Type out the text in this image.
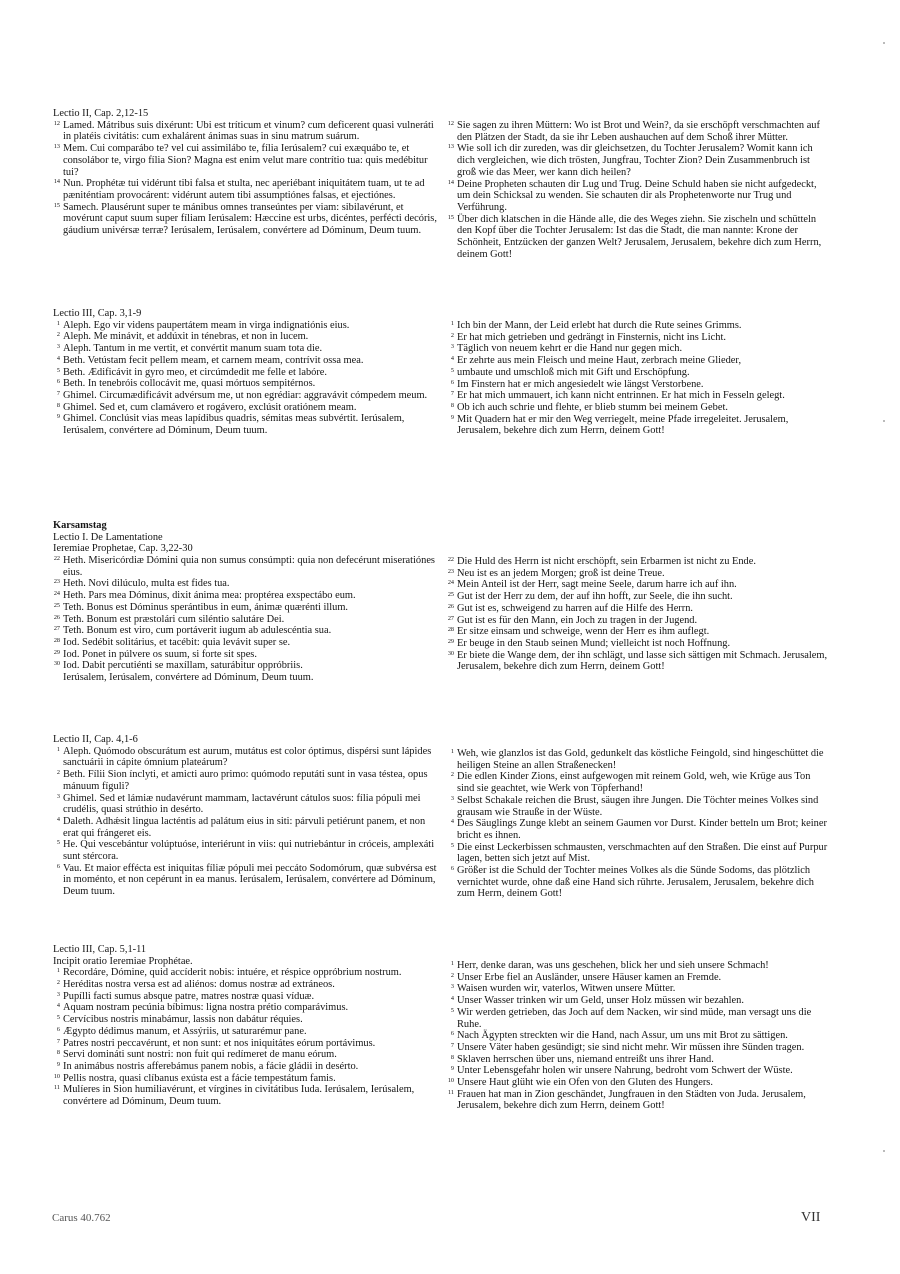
Lectio II, Cap. 2,12-15
12 Lamed. Mátribus suis dixérunt: Ubi est tríticum et vinum? cum deficerent quasi vulneráti in platéis civitátis: cum exhalárent ánimas suas in sinu matrum suárum.
13 Mem. Cui comparábo te? vel cui assimilábo te, fília Ierúsalem? cui exæquábo te, et consolábor te, virgo fília Sion? Magna est enim velut mare contrítio tua: quis medébitur tui?
14 Nun. Prophétæ tui vidérunt tibi falsa et stulta, nec aperiébant iniquitátem tuam, ut te ad pæniténtiam provocárent: vidérunt autem tibi assumptiónes falsas, et ejectiónes.
15 Samech. Plausérunt super te mánibus omnes transeúntes per viam: sibilavérunt, et movérunt caput suum super fíliam Ierúsalem: Hæccine est urbs, dicéntes, perfécti decóris, gáudium univérsæ terræ? Ierúsalem, Ierúsalem, convértere ad Dóminum, Deum tuum.
Lectio III, Cap. 3,1-9
1 Aleph. Ego vir videns paupertátem meam in virga indignatiónis eius.
2 Aleph. Me minávit, et addúxit in ténebras, et non in lucem.
3 Aleph. Tantum in me vertit, et convértit manum suam tota die.
4 Beth. Vetústam fecit pellem meam, et carnem meam, contrívit ossa mea.
5 Beth. Ædificávit in gyro meo, et circúmdedit me felle et labóre.
6 Beth. In tenebróis collocávit me, quasi mórtuos sempitérnos.
7 Ghimel. Circumædificávit advérsum me, ut non egrédiar: aggravávit cómpedem meum.
8 Ghimel. Sed et, cum clamávero et rogávero, exclúsit oratiónem meam.
9 Ghimel. Conclúsit vias meas lapídibus quadris, sémitas meas subvértit. Ierúsalem, Ierúsalem, convértere ad Dóminum, Deum tuum.
Karsamstag
Lectio I. De Lamentatione
Ieremiae Prophetae, Cap. 3,22-30
22 Heth. Misericórdiæ Dómini quia non sumus consúmpti: quia non defecérunt miseratiónes eius.
23 Heth. Novi dilúculo, multa est fides tua.
24 Heth. Pars mea Dóminus, dixit ánima mea: proptérea exspectábo eum.
25 Teth. Bonus est Dóminus sperántibus in eum, ánimæ quærénti illum.
26 Teth. Bonum est præstolári cum siléntio salutáre Dei.
27 Teth. Bonum est viro, cum portáverit iugum ab adulescéntia sua.
28 Iod. Sedébit solitárius, et tacébit: quia levávit super se.
29 Iod. Ponet in púlvere os suum, si forte sit spes.
30 Iod. Dabit percutiénti se maxíllam, saturábitur oppróbriis.
Ierúsalem, Ierúsalem, convértere ad Dóminum, Deum tuum.
Lectio II, Cap. 4,1-6
1 Aleph. Quómodo obscurátum est aurum, mutátus est color óptimus, dispérsi sunt lápides sanctuárii in cápite ómnium plateárum?
2 Beth. Fílii Sion ínclyti, et amicti auro primo: quómodo reputáti sunt in vasa téstea, opus mánuum fíguli?
3 Ghimel. Sed et lámiæ nudavérunt mammam, lactavérunt cátulos suos: fília pópuli mei crudélis, quasi strúthio in desérto.
4 Daleth. Adhǽsit lingua lacténtis ad palátum eius in siti: párvuli petiérunt panem, et non erat qui frángeret eis.
5 He. Qui vescebántur volúptuóse, interiérunt in viis: qui nutriebántur in cróceis, amplexáti sunt stércora.
6 Vau. Et maior effécta est iniquitas fíliæ pópuli mei peccáto Sodomórum, quæ subvérsa est in moménto, et non cepérunt in ea manus. Ierúsalem, Ierúsalem, convértere ad Dóminum, Deum tuum.
Lectio III, Cap. 5,1-11
Incipit oratio Ieremiae Prophétae.
1 Recordáre, Dómine, quid accíderit nobis: intuére, et réspice oppróbrium nostrum.
2 Heréditas nostra versa est ad aliénos: domus nostræ ad extráneos.
3 Pupílli facti sumus absque patre, matres nostræ quasi víduæ.
4 Aquam nostram pecúnia bíbimus: ligna nostra prétio comparávimus.
5 Cervícibus nostris minabámur, lassis non dabátur réquies.
6 Ægypto dédimus manum, et Assýriis, ut saturarémur pane.
7 Patres nostri peccavérunt, et non sunt: et nos iniquitátes eórum portávimus.
8 Servi domináti sunt nostri: non fuit qui redímeret de manu eórum.
9 In animábus nostris afferebámus panem nobis, a fácie gládii in desérto.
10 Pellis nostra, quasi clíbanus exústa est a fácie tempestátum famis.
11 Mulíeres in Sion humiliavérunt, et vírgines in civitátibus Iuda. Ierúsalem, Ierúsalem, convértere ad Dóminum, Deum tuum.
12 Sie sagen zu ihren Müttern: Wo ist Brot und Wein?, da sie erschöpft verschmachten auf den Plätzen der Stadt, da sie ihr Leben aushauchen auf dem Schoß ihrer Mütter.
13 Wie soll ich dir zureden, was dir gleichsetzen, du Tochter Jerusalem? Womit kann ich dich vergleichen, wie dich trösten, Jungfrau, Tochter Zion? Dein Zusammenbruch ist groß wie das Meer, wer kann dich heilen?
14 Deine Propheten schauten dir Lug und Trug. Deine Schuld haben sie nicht aufgedeckt, um dein Schicksal zu wenden. Sie schauten dir als Prophetenworte nur Trug und Verführung.
15 Über dich klatschen in die Hände alle, die des Weges ziehn. Sie zischeln und schütteln den Kopf über die Tochter Jerusalem: Ist das die Stadt, die man nannte: Krone der Schönheit, Entzücken der ganzen Welt? Jerusalem, Jerusalem, bekehre dich zum Herrn, deinem Gott!
1 Ich bin der Mann, der Leid erlebt hat durch die Rute seines Grimms.
2 Er hat mich getrieben und gedrängt in Finsternis, nicht ins Licht.
3 Täglich von neuem kehrt er die Hand nur gegen mich.
4 Er zehrte aus mein Fleisch und meine Haut, zerbrach meine Glieder,
5 umbaute und umschloß mich mit Gift und Erschöpfung.
6 Im Finstern hat er mich angesiedelt wie längst Verstorbene.
7 Er hat mich ummauert, ich kann nicht entrinnen. Er hat mich in Fesseln gelegt.
8 Ob ich auch schrie und flehte, er blieb stumm bei meinem Gebet.
9 Mit Quadern hat er mir den Weg verriegelt, meine Pfade irregeleitet. Jerusalem, Jerusalem, bekehre dich zum Herrn, deinem Gott!
22 Die Huld des Herrn ist nicht erschöpft, sein Erbarmen ist nicht zu Ende.
23 Neu ist es an jedem Morgen; groß ist deine Treue.
24 Mein Anteil ist der Herr, sagt meine Seele, darum harre ich auf ihn.
25 Gut ist der Herr zu dem, der auf ihn hofft, zur Seele, die ihn sucht.
26 Gut ist es, schweigend zu harren auf die Hilfe des Herrn.
27 Gut ist es für den Mann, ein Joch zu tragen in der Jugend.
28 Er sitze einsam und schweige, wenn der Herr es ihm auflegt.
29 Er beuge in den Staub seinen Mund; vielleicht ist noch Hoffnung.
30 Er biete die Wange dem, der ihn schlägt, und lasse sich sättigen mit Schmach. Jerusalem, Jerusalem, bekehre dich zum Herrn, deinem Gott!
1 Weh, wie glanzlos ist das Gold, gedunkelt das köstliche Feingold, sind hingeschüttet die heiligen Steine an allen Straßenecken!
2 Die edlen Kinder Zions, einst aufgewogen mit reinem Gold, weh, wie Krüge aus Ton sind sie geachtet, wie Werk von Töpferhand!
3 Selbst Schakale reichen die Brust, säugen ihre Jungen. Die Töchter meines Volkes sind grausam wie Strauße in der Wüste.
4 Des Säuglings Zunge klebt an seinem Gaumen vor Durst. Kinder betteln um Brot; keiner bricht es ihnen.
5 Die einst Leckerbissen schmausten, verschmachten auf den Straßen. Die einst auf Purpur lagen, betten sich jetzt auf Mist.
6 Größer ist die Schuld der Tochter meines Volkes als die Sünde Sodoms, das plötzlich vernichtet wurde, ohne daß eine Hand sich rührte. Jerusalem, Jerusalem, bekehre dich zum Herrn, deinem Gott!
1 Herr, denke daran, was uns geschehen, blick her und sieh unsere Schmach!
2 Unser Erbe fiel an Ausländer, unsere Häuser kamen an Fremde.
3 Waisen wurden wir, vaterlos, Witwen unsere Mütter.
4 Unser Wasser trinken wir um Geld, unser Holz müssen wir bezahlen.
5 Wir werden getrieben, das Joch auf dem Nacken, wir sind müde, man versagt uns die Ruhe.
6 Nach Ägypten streckten wir die Hand, nach Assur, um uns mit Brot zu sättigen.
7 Unsere Väter haben gesündigt; sie sind nicht mehr. Wir müssen ihre Sünden tragen.
8 Sklaven herrschen über uns, niemand entreißt uns ihrer Hand.
9 Unter Lebensgefahr holen wir unsere Nahrung, bedroht vom Schwert der Wüste.
10 Unsere Haut glüht wie ein Ofen von den Gluten des Hungers.
11 Frauen hat man in Zion geschändet, Jungfrauen in den Städten von Juda. Jerusalem, Jerusalem, bekehre dich zum Herrn, deinem Gott!
Carus 40.762	VII
